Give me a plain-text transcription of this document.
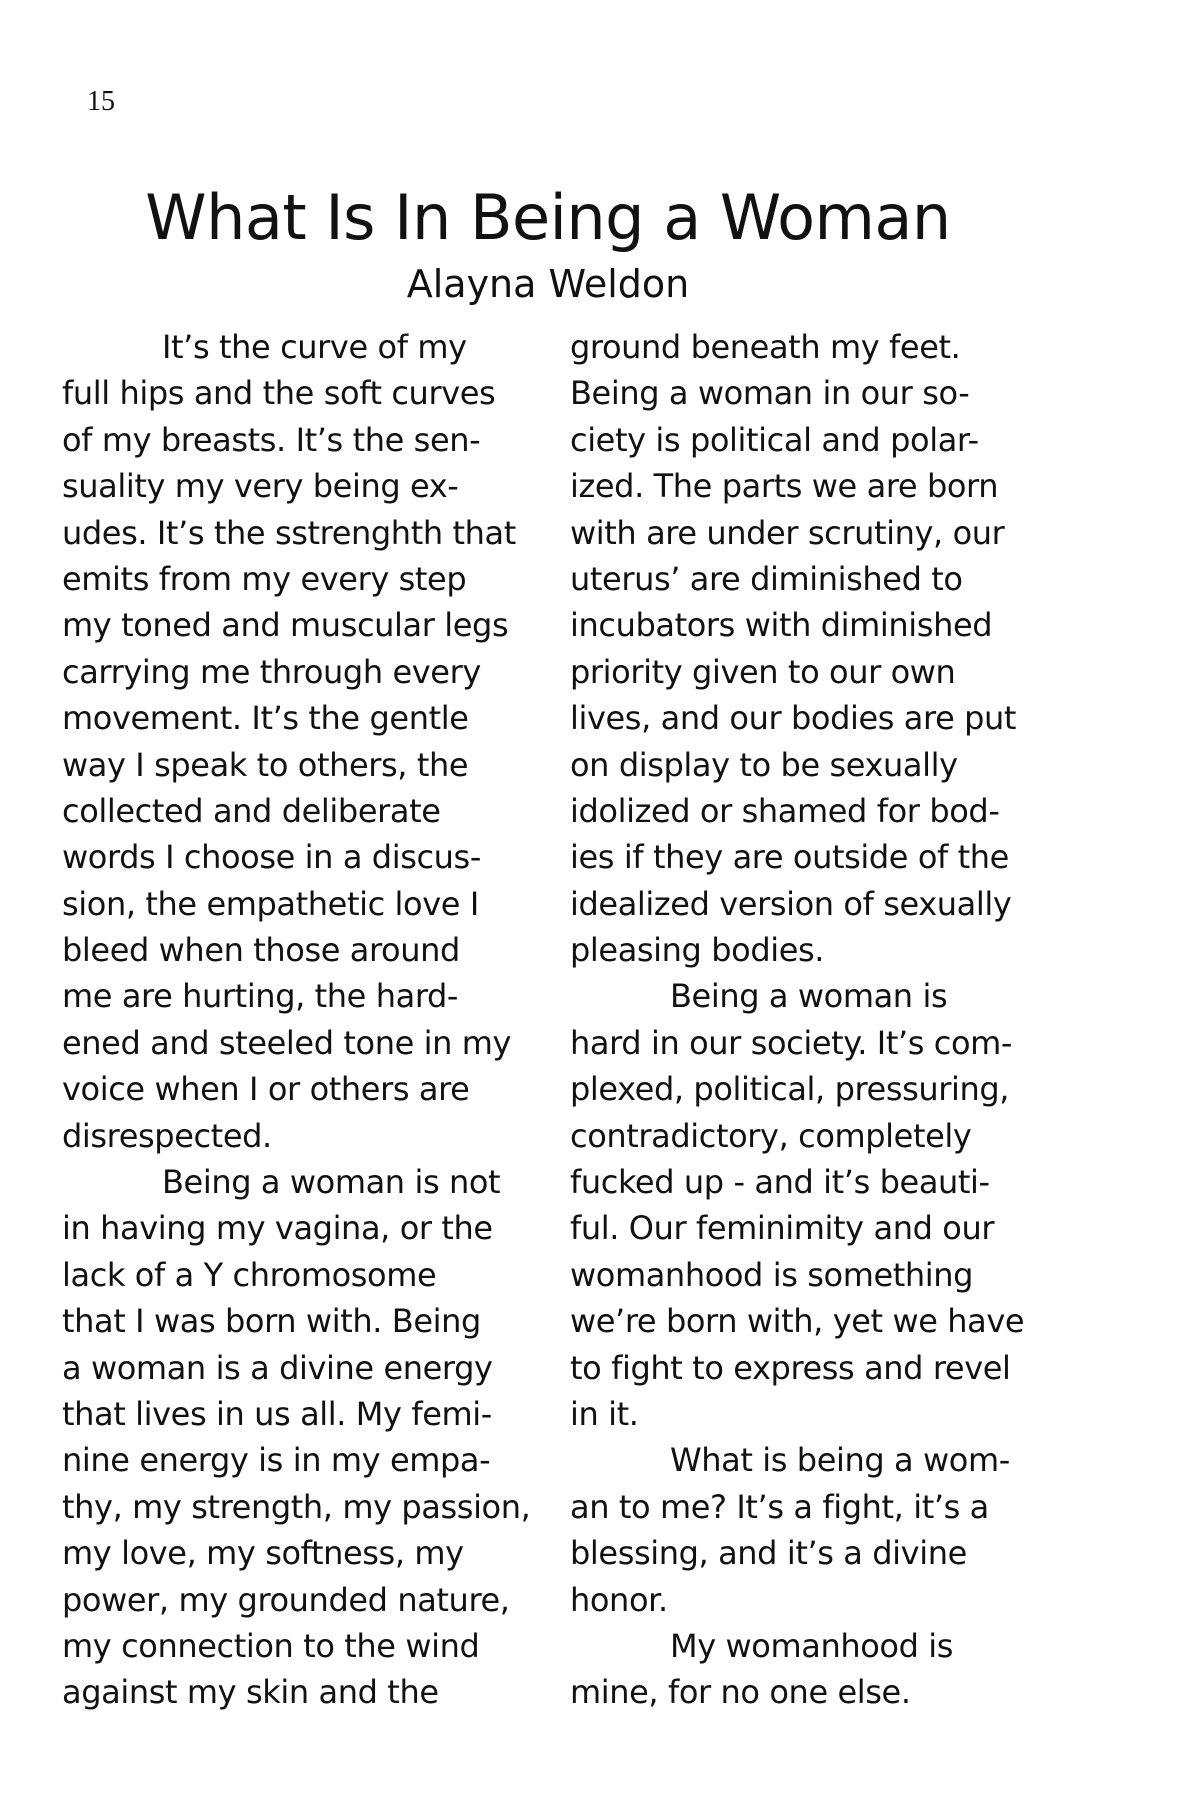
15
What Is In Being a Woman
Alayna Weldon
It’s the curve of my
full hips and the soft curves
of my breasts. It’s the sen-
suality my very being ex-
udes. It’s the sstrenghth that
emits from my every step
my toned and muscular legs
carrying me through every
movement. It’s the gentle
way I speak to others, the
collected and deliberate
words I choose in a discus-
sion, the empathetic love I
bleed when those around
me are hurting, the hard-
ened and steeled tone in my
voice when I or others are
disrespected.
Being a woman is not
in having my vagina, or the
lack of a Y chromosome
that I was born with. Being
a woman is a divine energy
that lives in us all. My femi-
nine energy is in my empa-
thy, my strength, my passion,
my love, my softness, my
power, my grounded nature,
my connection to the wind
against my skin and the
ground beneath my feet.
Being a woman in our so-
ciety is political and polar-
ized. The parts we are born
with are under scrutiny, our
uterus’ are diminished to
incubators with diminished
priority given to our own
lives, and our bodies are put
on display to be sexually
idolized or shamed for bod-
ies if they are outside of the
idealized version of sexually
pleasing bodies.
Being a woman is
hard in our society. It’s com-
plexed, political, pressuring,
contradictory, completely
fucked up - and it’s beauti-
ful. Our feminimity and our
womanhood is something
we’re born with, yet we have
to fight to express and revel
in it.
What is being a wom-
an to me? It’s a fight, it’s a
blessing, and it’s a divine
honor.
My womanhood is
mine, for no one else.
